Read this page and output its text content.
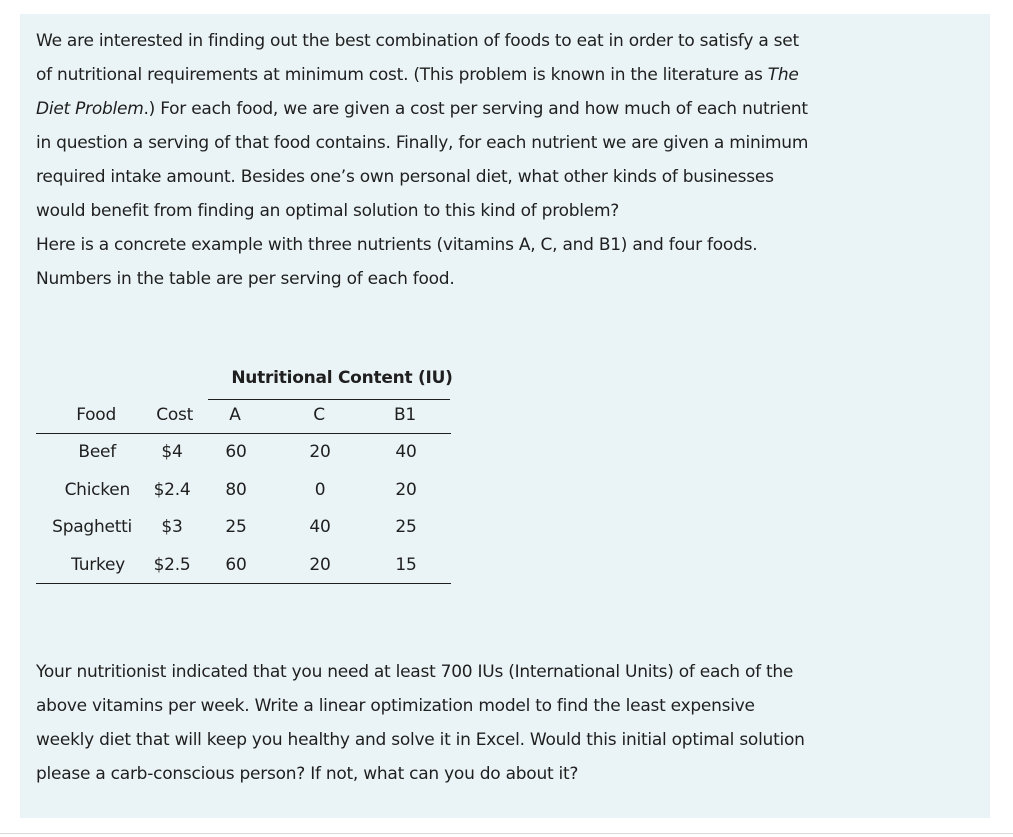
We are interested in finding out the best combination of foods to eat in order to satisfy a set
of nutritional requirements at minimum cost. (This problem is known in the literature as The
Diet Problem.) For each food, we are given a cost per serving and how much of each nutrient
in question a serving of that food contains. Finally, for each nutrient we are given a minimum
required intake amount. Besides one’s own personal diet, what other kinds of businesses
would benefit from finding an optimal solution to this kind of problem?
Here is a concrete example with three nutrients (vitamins A, C, and B1) and four foods.
Numbers in the table are per serving of each food.

Nutritional Content (IU)
Food Cost A	C	B1
Beef	$4	60	20	40
Chicken $2.4 80	0	20
Spaghetti $3	25	40	25
Turkey $2.5 60	20	15

Your nutritionist indicated that you need at least 700 IUs (International Units) of each of the
above vitamins per week. Write a linear optimization model to find the least expensive
weekly diet that will keep you healthy and solve it in Excel. Would this initial optimal solution
please a carb-conscious person? If not, what can you do about it?
